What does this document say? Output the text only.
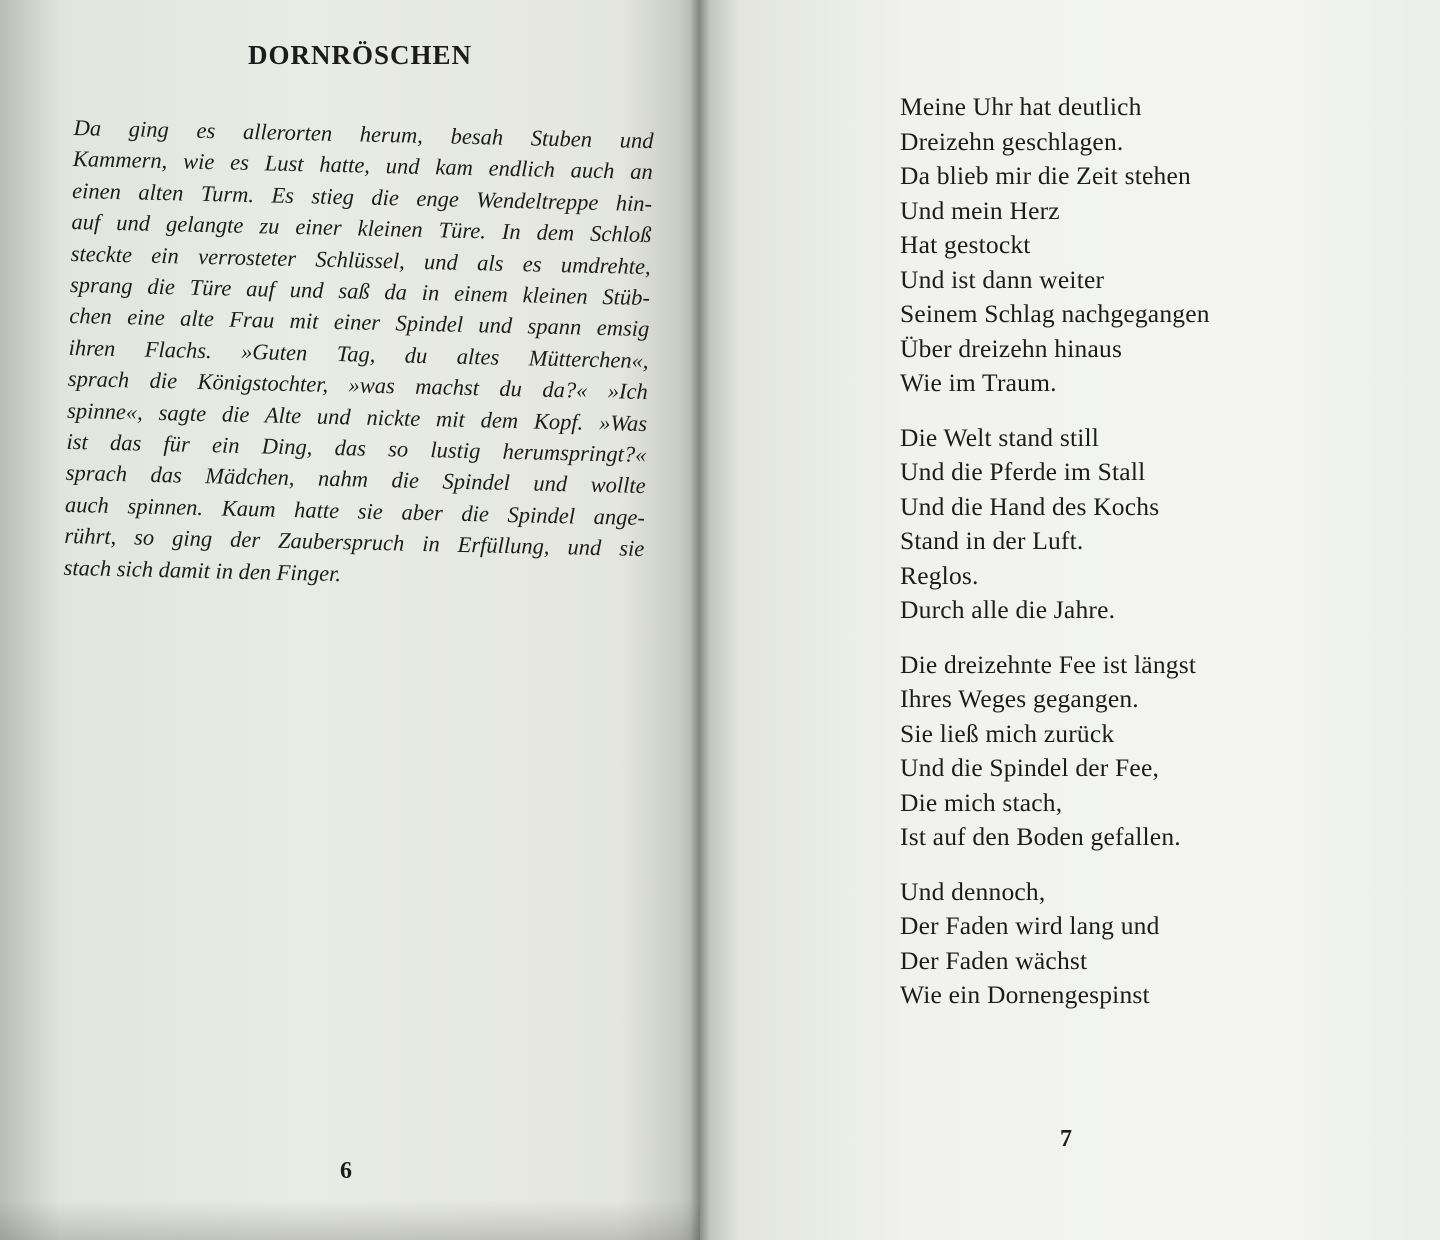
DORNRÖSCHEN
Da ging es allerorten herum, besah Stuben und
Kammern, wie es Lust hatte, und kam endlich auch an
einen alten Turm. Es stieg die enge Wendeltreppe hin-
auf und gelangte zu einer kleinen Türe. In dem Schloß
steckte ein verrosteter Schlüssel, und als es umdrehte,
sprang die Türe auf und saß da in einem kleinen Stüb-
chen eine alte Frau mit einer Spindel und spann emsig
ihren Flachs. »Guten Tag, du altes Mütterchen«,
sprach die Königstochter, »was machst du da?« »Ich
spinne«, sagte die Alte und nickte mit dem Kopf. »Was
ist das für ein Ding, das so lustig herumspringt?«
sprach das Mädchen, nahm die Spindel und wollte
auch spinnen. Kaum hatte sie aber die Spindel ange-
rührt, so ging der Zauberspruch in Erfüllung, und sie
stach sich damit in den Finger.

6

Meine Uhr hat deutlich
Dreizehn geschlagen.
Da blieb mir die Zeit stehen
Und mein Herz
Hat gestockt
Und ist dann weiter
Seinem Schlag nachgegangen
Über dreizehn hinaus
Wie im Traum.
Die Welt stand still
Und die Pferde im Stall
Und die Hand des Kochs
Stand in der Luft.
Reglos.
Durch alle die Jahre.
Die dreizehnte Fee ist längst
Ihres Weges gegangen.
Sie ließ mich zurück
Und die Spindel der Fee,
Die mich stach,
Ist auf den Boden gefallen.
Und dennoch,
Der Faden wird lang und
Der Faden wächst
Wie ein Dornengespinst

7
